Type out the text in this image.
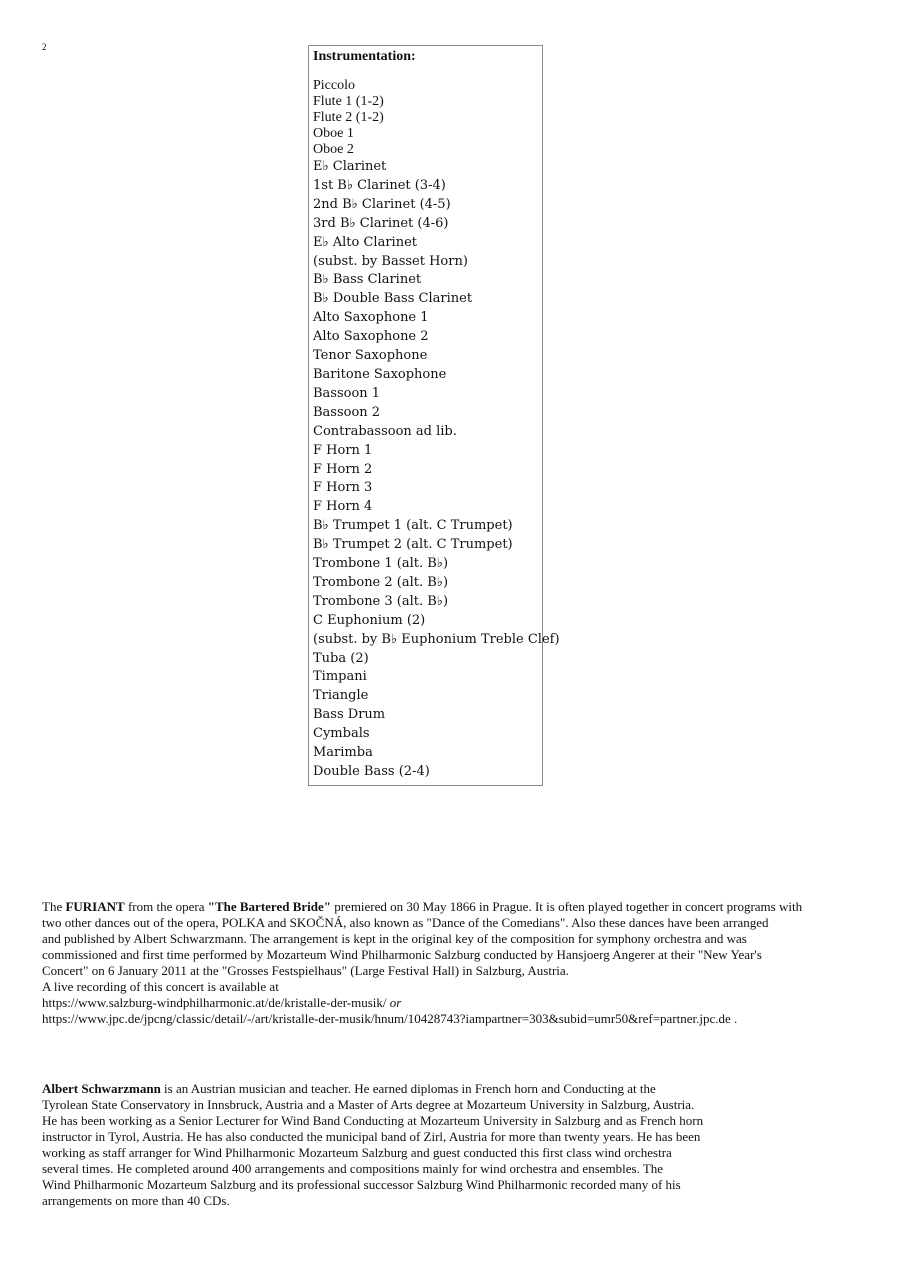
2
Instrumentation:
Piccolo
Flute 1 (1-2)
Flute 2 (1-2)
Oboe 1
Oboe 2
E♭ Clarinet
1st B♭ Clarinet (3-4)
2nd B♭ Clarinet (4-5)
3rd B♭ Clarinet (4-6)
E♭ Alto Clarinet
(subst. by Basset Horn)
B♭ Bass Clarinet
B♭ Double Bass Clarinet
Alto Saxophone 1
Alto Saxophone 2
Tenor Saxophone
Baritone Saxophone
Bassoon 1
Bassoon 2
Contrabassoon ad lib.
F Horn 1
F Horn 2
F Horn 3
F Horn 4
B♭ Trumpet 1 (alt. C Trumpet)
B♭ Trumpet 2 (alt. C Trumpet)
Trombone 1 (alt. B♭)
Trombone 2 (alt. B♭)
Trombone 3 (alt. B♭)
C Euphonium (2)
(subst. by B♭ Euphonium Treble Clef)
Tuba (2)
Timpani
Triangle
Bass Drum
Cymbals
Marimba
Double Bass (2-4)
The FURIANT from the opera "The Bartered Bride" premiered on 30 May 1866 in Prague. It is often played together in concert programs with
two other dances out of the opera, POLKA and SKOČNÁ, also known as "Dance of the Comedians". Also these dances have been arranged
and published by Albert Schwarzmann. The arrangement is kept in the original key of the composition for symphony orchestra and was
commissioned and first time performed by Mozarteum Wind Philharmonic Salzburg conducted by Hansjoerg Angerer at their "New Year's
Concert" on 6 January 2011 at the "Grosses Festspielhaus" (Large Festival Hall) in Salzburg, Austria.
A live recording of this concert is available at
https://www.salzburg-windphilharmonic.at/de/kristalle-der-musik/ or
https://www.jpc.de/jpcng/classic/detail/-/art/kristalle-der-musik/hnum/10428743?iampartner=303&subid=umr50&ref=partner.jpc.de .
Albert Schwarzmann is an Austrian musician and teacher. He earned diplomas in French horn and Conducting at the
Tyrolean State Conservatory in Innsbruck, Austria and a Master of Arts degree at Mozarteum University in Salzburg, Austria.
He has been working as a Senior Lecturer for Wind Band Conducting at Mozarteum University in Salzburg and as French horn
instructor in Tyrol, Austria. He has also conducted the municipal band of Zirl, Austria for more than twenty years. He has been
working as staff arranger for Wind Philharmonic Mozarteum Salzburg and guest conducted this first class wind orchestra
several times. He completed around 400 arrangements and compositions mainly for wind orchestra and ensembles. The
Wind Philharmonic Mozarteum Salzburg and its professional successor Salzburg Wind Philharmonic recorded many of his
arrangements on more than 40 CDs.
